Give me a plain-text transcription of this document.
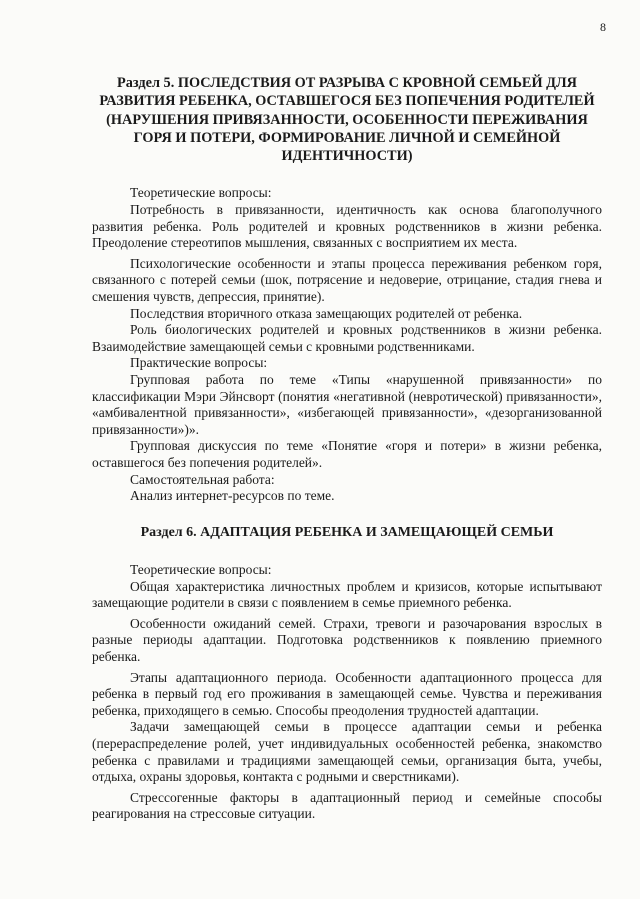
8
Раздел 5. ПОСЛЕДСТВИЯ ОТ РАЗРЫВА С КРОВНОЙ СЕМЬЕЙ ДЛЯ РАЗВИТИЯ РЕБЕНКА, ОСТАВШЕГОСЯ БЕЗ ПОПЕЧЕНИЯ РОДИТЕЛЕЙ (НАРУШЕНИЯ ПРИВЯЗАННОСТИ, ОСОБЕННОСТИ ПЕРЕЖИВАНИЯ ГОРЯ И ПОТЕРИ, ФОРМИРОВАНИЕ ЛИЧНОЙ И СЕМЕЙНОЙ ИДЕНТИЧНОСТИ)

Теоретические вопросы:

Потребность в привязанности, идентичность как основа благополучного развития ребенка. Роль родителей и кровных родственников в жизни ребенка. Преодоление стереотипов мышления, связанных с восприятием их места.

Психологические особенности и этапы процесса переживания ребенком горя, связанного с потерей семьи (шок, потрясение и недоверие, отрицание, стадия гнева и смешения чувств, депрессия, принятие).

Последствия вторичного отказа замещающих родителей от ребенка.

Роль биологических родителей и кровных родственников в жизни ребенка. Взаимодействие замещающей семьи с кровными родственниками.

Практические вопросы:

Групповая работа по теме «Типы «нарушенной привязанности» по классификации Мэри Эйнсворт (понятия «негативной (невротической) привязанности», «амбивалентной привязанности», «избегающей привязанности», «дезорганизованной привязанности»)».

Групповая дискуссия по теме «Понятие «горя и потери» в жизни ребенка, оставшегося без попечения родителей».

Самостоятельная работа:

Анализ интернет-ресурсов по теме.

Раздел 6. АДАПТАЦИЯ РЕБЕНКА И ЗАМЕЩАЮЩЕЙ СЕМЬИ

Теоретические вопросы:

Общая характеристика личностных проблем и кризисов, которые испытывают замещающие родители в связи с появлением в семье приемного ребенка.

Особенности ожиданий семей. Страхи, тревоги и разочарования взрослых в разные периоды адаптации. Подготовка родственников к появлению приемного ребенка.

Этапы адаптационного периода. Особенности адаптационного процесса для ребенка в первый год его проживания в замещающей семье. Чувства и переживания ребенка, приходящего в семью. Способы преодоления трудностей адаптации.

Задачи замещающей семьи в процессе адаптации семьи и ребенка (перераспределение ролей, учет индивидуальных особенностей ребенка, знакомство ребенка с правилами и традициями замещающей семьи, организация быта, учебы, отдыха, охраны здоровья, контакта с родными и сверстниками).

Стрессогенные факторы в адаптационный период и семейные способы реагирования на стрессовые ситуации.
